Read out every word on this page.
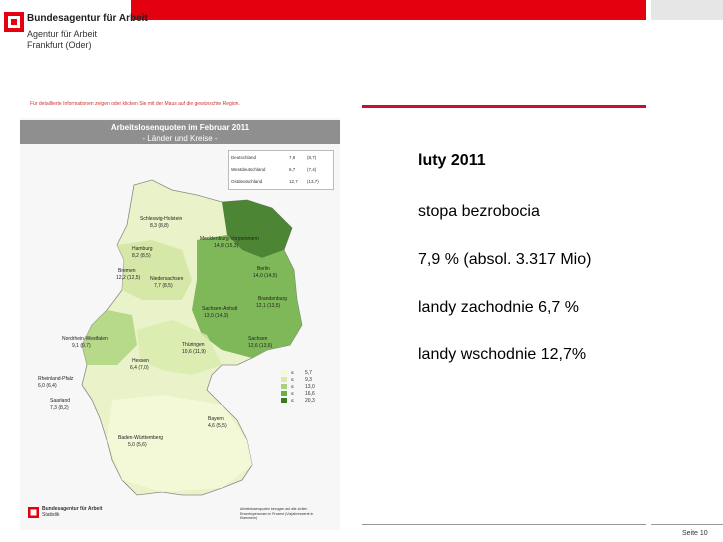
Bundesagentur für Arbeit
Agentur für Arbeit
Frankfurt (Oder)
Für detaillierte Informationen zeigen oder klicken Sie mit der Maus auf die gewünschte Region.
Arbeitslosenquoten im Februar 2011
- Länder und Kreise -
Schleswig-Holstein
8,3 (8,8)
Hamburg
8,2 (8,5)
Mecklenburg-Vorpommern
14,8 (15,3)
Bremen
12,2 (12,5) Niedersachsen
7,7 (8,5)
Berlin
14,0 (14,5)
Brandenburg
12,1 (13,5)
Sachsen-Anhalt
13,0 (14,3)
Nordrhein-Westfalen
9,1 (9,7)
Sachsen
12,6 (13,6)
Thüringen
10,6 (11,9)
Hessen
6,4 (7,0)
Rheinland-Pfalz
6,0 (6,4)
Saarland
7,3 (8,2)
Bayern
4,6 (5,5)
Baden-Württemberg
5,0 (5,6)
Deutschland	7,9	(8,7)
Westdeutschland	6,7	(7,4)
Ostdeutschland	12,7 (13,7)
≤ 5,7
≤ 9,3
≤ 13,0
≤ 16,6
≤ 20,3
Bundesagentur für Arbeit
Statistik
Arbeitslosenquoten bezogen auf alle zivilen Erwerbspersonen in Prozent (Vorjahreswerte in Klammern)
luty 2011
stopa bezrobocia
7,9 % (absol. 3.317 Mio)
landy zachodnie 6,7 %
landy wschodnie 12,7%
Seite 10
